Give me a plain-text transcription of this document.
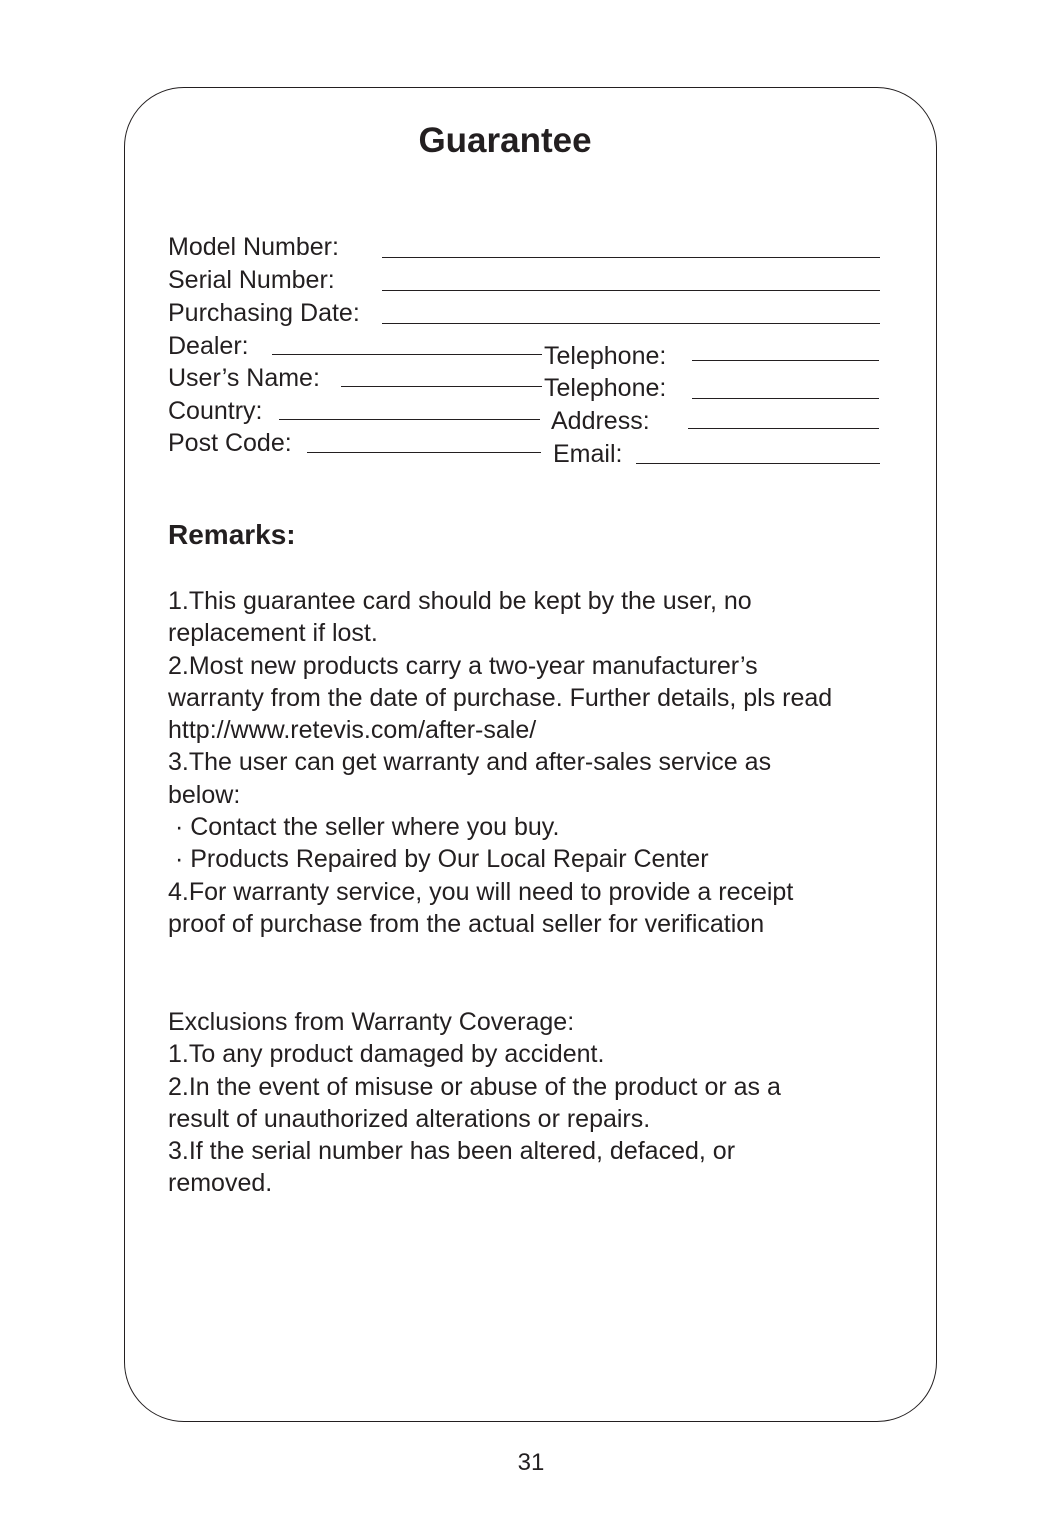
Guarantee
Model Number:
Serial Number:
Purchasing Date:
Dealer:
User’s Name:
Country:
Post Code:
Telephone:
Telephone:
Address:
Email:
Remarks:
1.This guarantee card should be kept by the user, no
replacement if lost.
2.Most new products carry a two-year manufacturer’s
warranty from the date of purchase. Further details, pls read
http://www.retevis.com/after-sale/
3.The user can get warranty and after-sales service as
below:
· Contact the seller where you buy.
· Products Repaired by Our Local Repair Center
4.For warranty service, you will need to provide a receipt
proof of purchase from the actual seller for verification
Exclusions from Warranty Coverage:
1.To any product damaged by accident.
2.In the event of misuse or abuse of the product or as a
result of unauthorized alterations or repairs.
3.If the serial number has been altered, defaced, or
removed.
31
